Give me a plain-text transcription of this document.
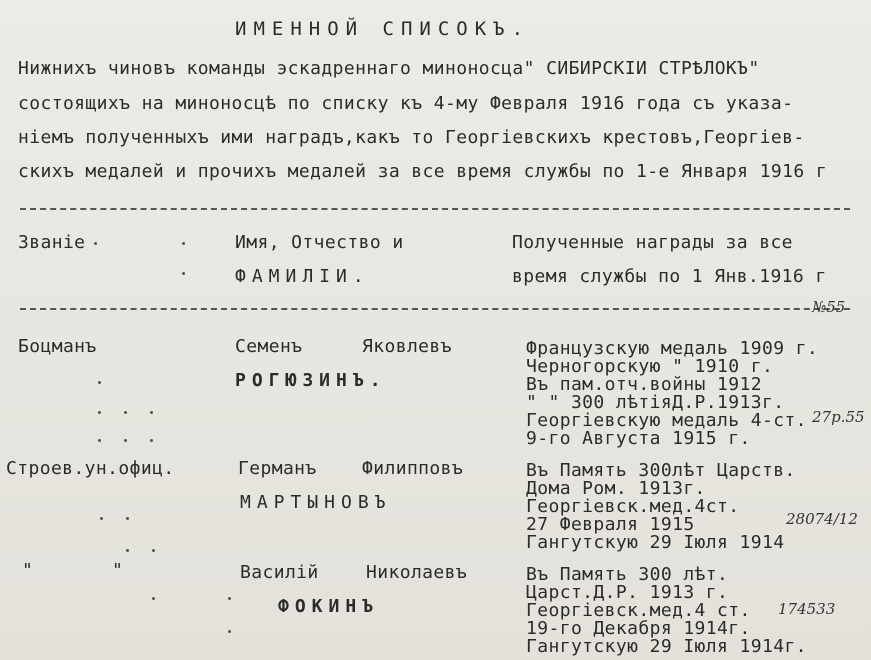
ИМЕННОЙ СПИСОКЪ.
Нижнихъ чиновъ команды эскадреннаго миноносца" СИБИРСКIИ СТРѢЛОКЪ"
состоящихъ на миноносцѣ по списку къ 4-му Февраля 1916 года съ указа-
нiемъ полученныхъ ими наградъ,какъ то Георгiевскихъ крестовъ,Георгiев-
скихъ медалей и прочихъ медалей за все время службы по 1-е Января 1916 г
Званiе	Имя, Отчество и
ФАМИЛIИ.
Полученные награды за все
время службы по 1 Янв.1916 г
Боцманъ	Семенъ	Яковлевъ
РОГЮЗИНЪ.
Французскую медаль 1909 г.
Черногорскую " 1910 г.
Въ пам.отч.войны 1912
" " 300 лѣтiяД.Р.1913г.
Георгiевскую медаль 4-ст.
9-го Августа 1915 г.
№55
27р.55
Строев.ун.офиц.	Германъ	Филипповъ
МАРТЫНОВЪ
Въ Память 300лѣт Царств.
Дома Ром. 1913г.
Георгiевск.мед.4ст.
27 Февраля 1915
Гангутскую 29 Iюля 1914
28074/12
"	"	Василiй	Николаевъ
ФОКИНЪ
Въ Память 300 лѣт.
Царст.Д.Р. 1913 г.
Георгiевск.мед.4 ст.
19-го Декабря 1914г.
Гангутскую 29 Iюля 1914г.
174533
